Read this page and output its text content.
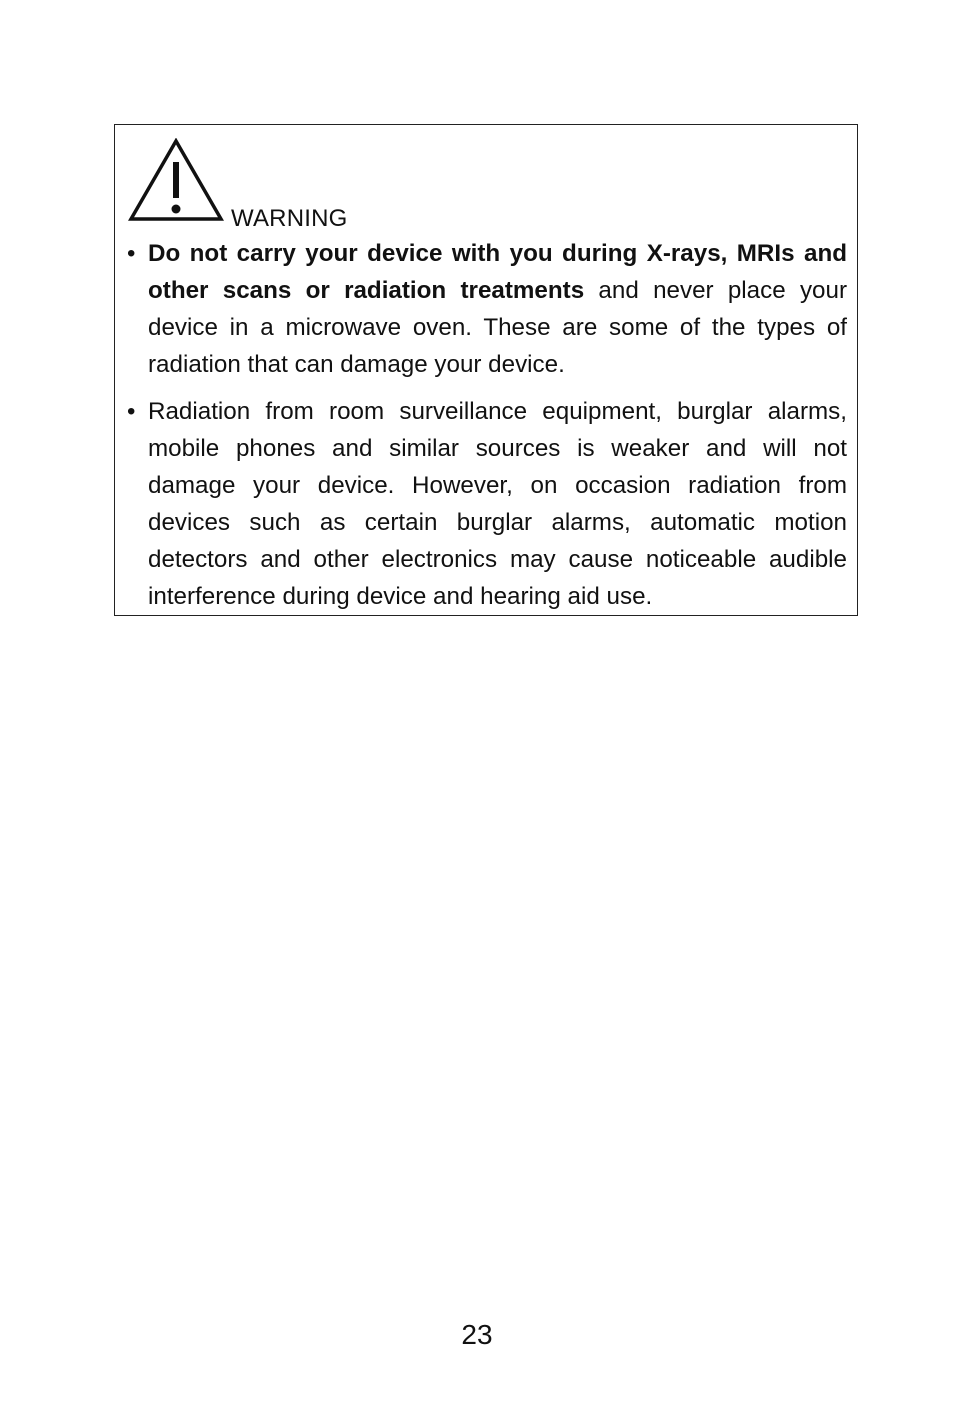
WARNING
• Do not carry your device with you during X-rays, MRIs and other scans or radiation treatments and never place your device in a microwave oven. These are some of the types of radiation that can damage your device.
• Radiation from room surveillance equipment, burglar alarms, mobile phones and similar sources is weaker and will not damage your device. However, on occasion radiation from devices such as certain burglar alarms, automatic motion detectors and other electronics may cause noticeable audible interference during device and hearing aid use.
23
